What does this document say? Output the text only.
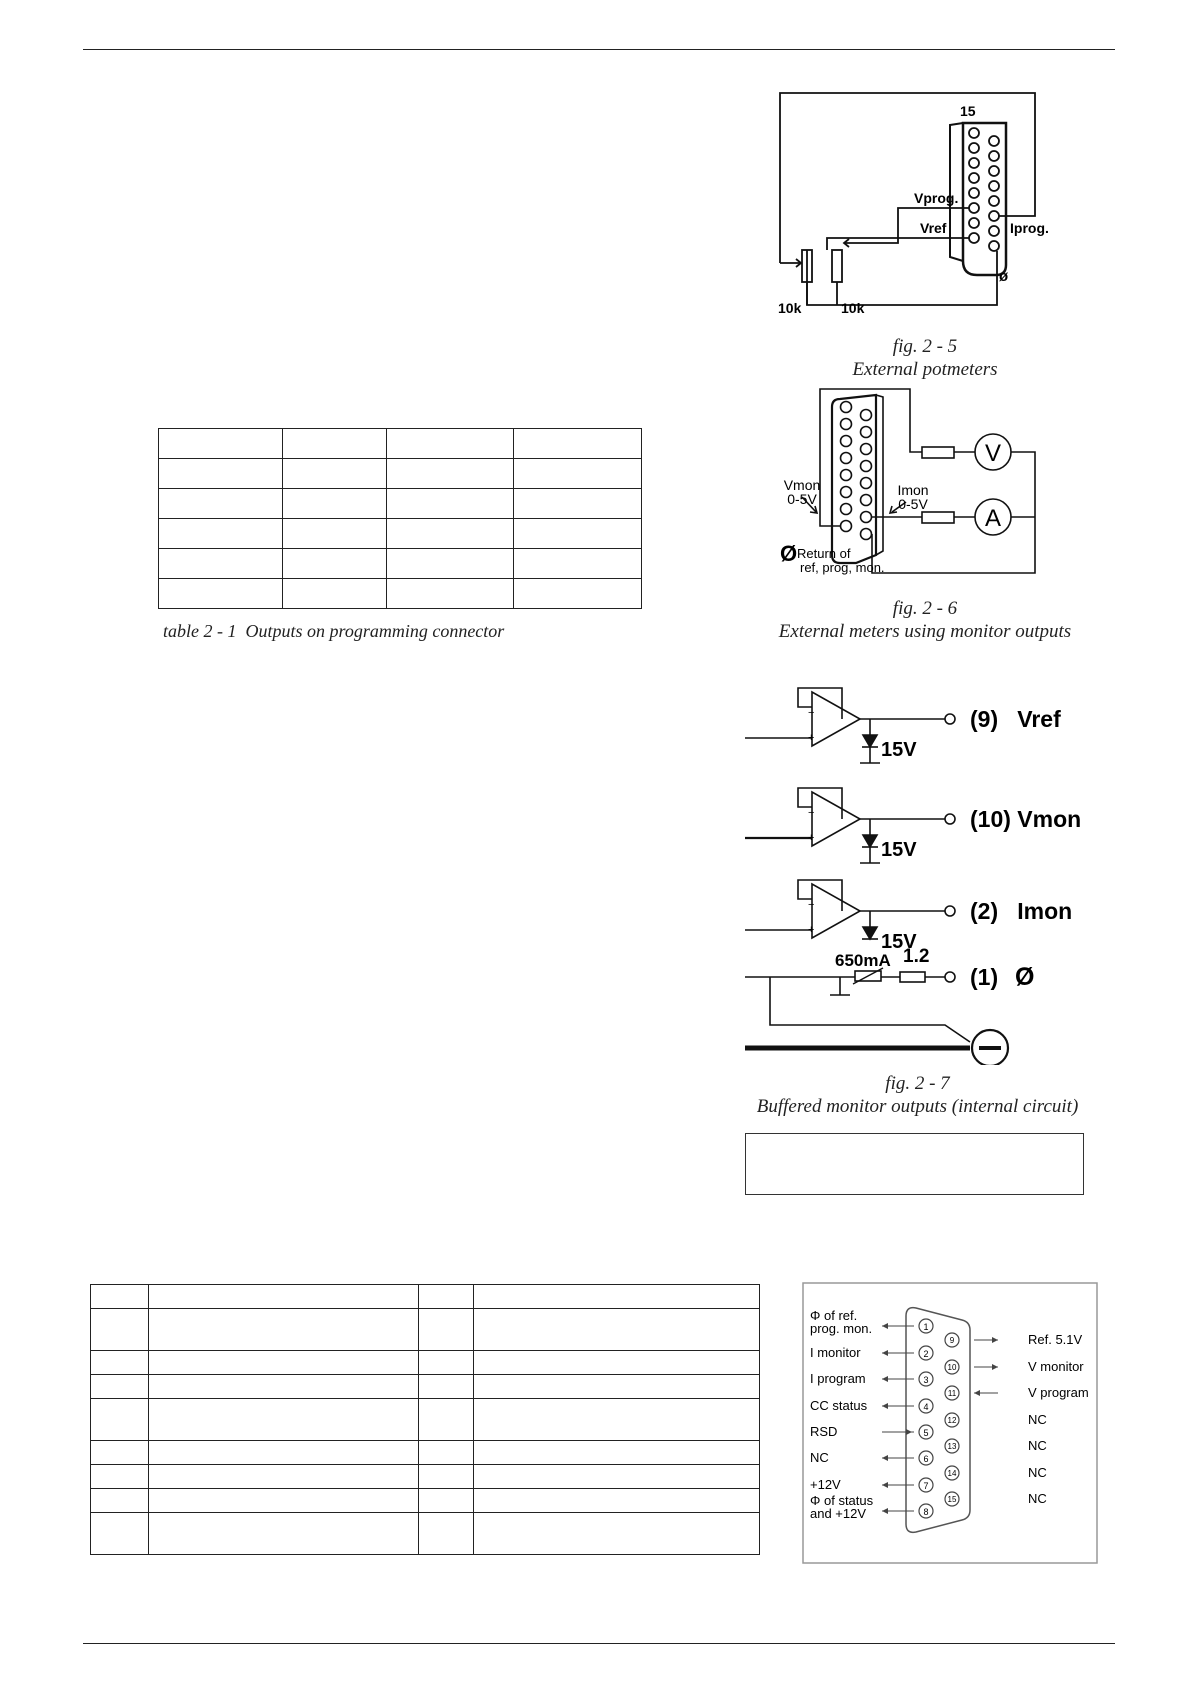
15
Vprog.
Vref	Iprog.
ø
10k	10k
fig. 2 - 5
External potmeters
V
A
Vmon
0-5V
Imon
0-5V
Ø Return of
ref, prog, mon.
fig. 2 - 6
External meters using monitor outputs

table 2 - 1  Outputs on programming connector
−
+
−
+
−
+
15V
15V
15V
(9)   Vref
(10) Vmon
(2)   Imon
(1) Ø
650mA 1.2
fig. 2 - 7
Buffered monitor outputs (internal circuit)

1
Φ of ref.
prog. mon.
2
I monitor
3
I program
4
CC status
5
RSD
6
NC
7
+12V
8
Φ of status
and +12V
9	Ref. 5.1V
10	V monitor
11	V program
12	NC
13	NC
14	NC
15	NC
